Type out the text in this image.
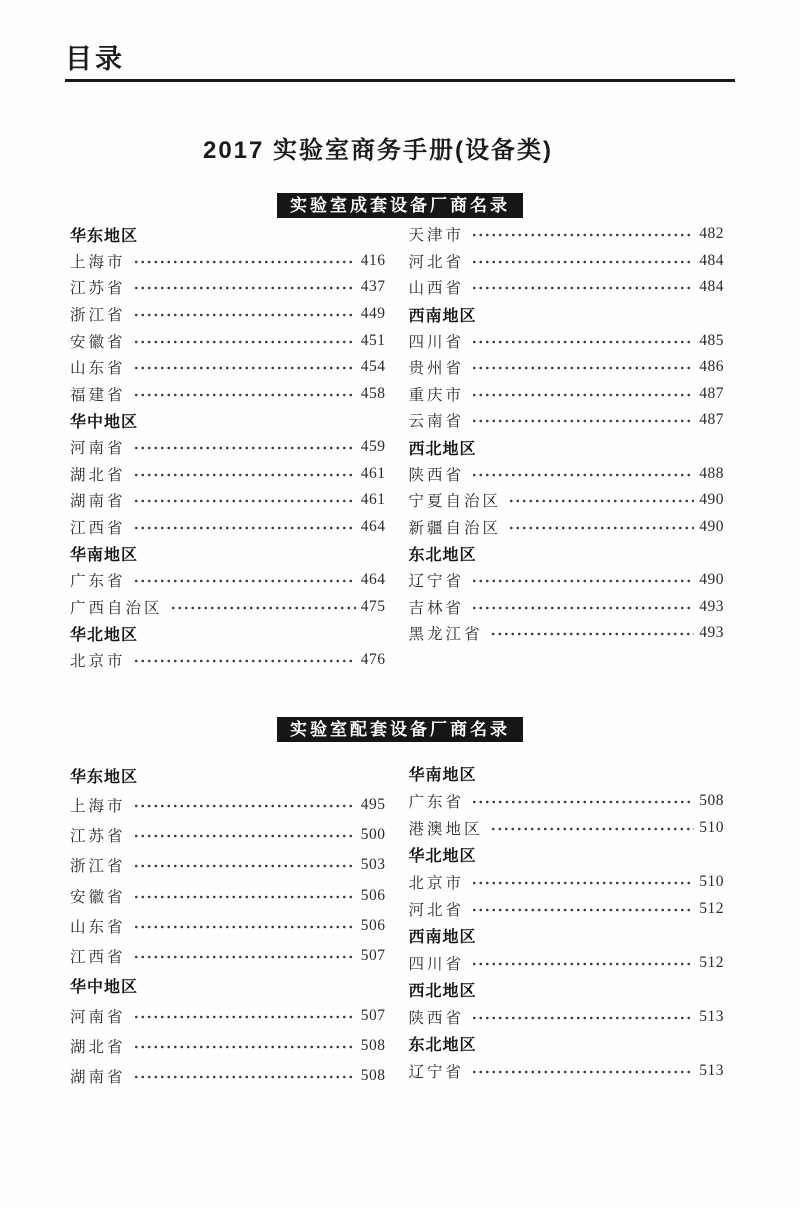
目录
2017 实验室商务手册(设备类)
实验室成套设备厂商名录
华东地区
上海市	416
江苏省	437
浙江省	449
安徽省	451
山东省	454
福建省	458
华中地区
河南省	459
湖北省	461
湖南省	461
江西省	464
华南地区
广东省	464
广西自治区	475
华北地区
北京市	476
天津市	482
河北省	484
山西省	484
西南地区
四川省	485
贵州省	486
重庆市	487
云南省	487
西北地区
陕西省	488
宁夏自治区	490
新疆自治区	490
东北地区
辽宁省	490
吉林省	493
黑龙江省	493
实验室配套设备厂商名录
华东地区
上海市	495
江苏省	500
浙江省	503
安徽省	506
山东省	506
江西省	507
华中地区
河南省	507
湖北省	508
湖南省	508
华南地区
广东省	508
港澳地区	510
华北地区
北京市	510
河北省	512
西南地区
四川省	512
西北地区
陕西省	513
东北地区
辽宁省	513
